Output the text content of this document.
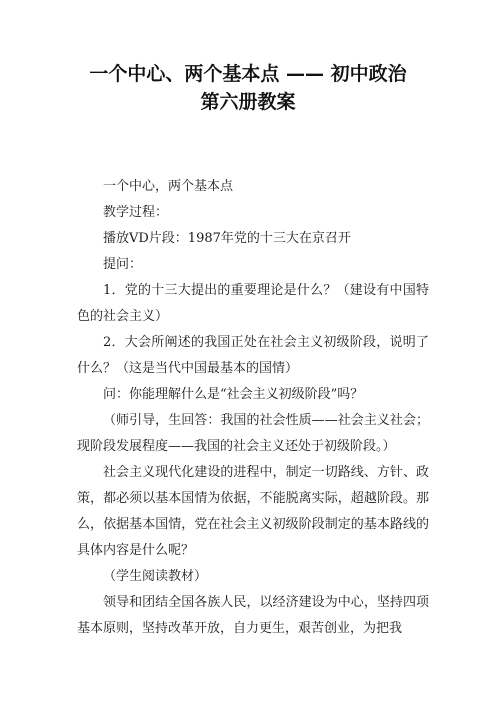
一个中心、两个基本点 —— 初中政治
第六册教案

一个中心，两个基本点

教学过程：

播放VD片段：1987年党的十三大在京召开

提问：

1．党的十三大提出的重要理论是什么？（建设有中国特色的社会主义）

2．大会所阐述的我国正处在社会主义初级阶段，说明了什么？（这是当代中国最基本的国情）

问：你能理解什么是“社会主义初级阶段”吗？

（师引导，生回答：我国的社会性质——社会主义社会；现阶段发展程度——我国的社会主义还处于初级阶段。）

社会主义现代化建设的进程中，制定一切路线、方针、政策，都必须以基本国情为依据，不能脱离实际，超越阶段。那么，依据基本国情，党在社会主义初级阶段制定的基本路线的具体内容是什么呢？

（学生阅读教材）

领导和团结全国各族人民，以经济建设为中心，坚持四项基本原则，坚持改革开放，自力更生，艰苦创业，为把我
